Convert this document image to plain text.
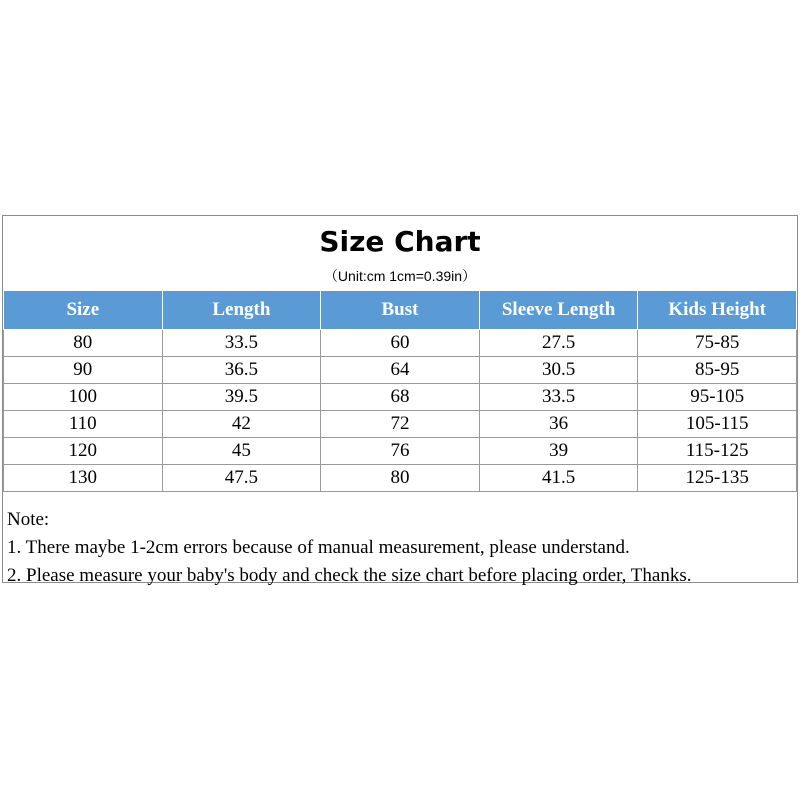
Size Chart
（Unit:cm 1cm=0.39in）
Size	Length	Bust	Sleeve Length	Kids Height
80	33.5	60	27.5	75-85
90	36.5	64	30.5	85-95
100	39.5	68	33.5	95-105
110	42	72	36	105-115
120	45	76	39	115-125
130	47.5	80	41.5	125-135
Note:
1. There maybe 1-2cm errors because of manual measurement, please understand.
2. Please measure your baby's body and check the size chart before placing order, Thanks.
